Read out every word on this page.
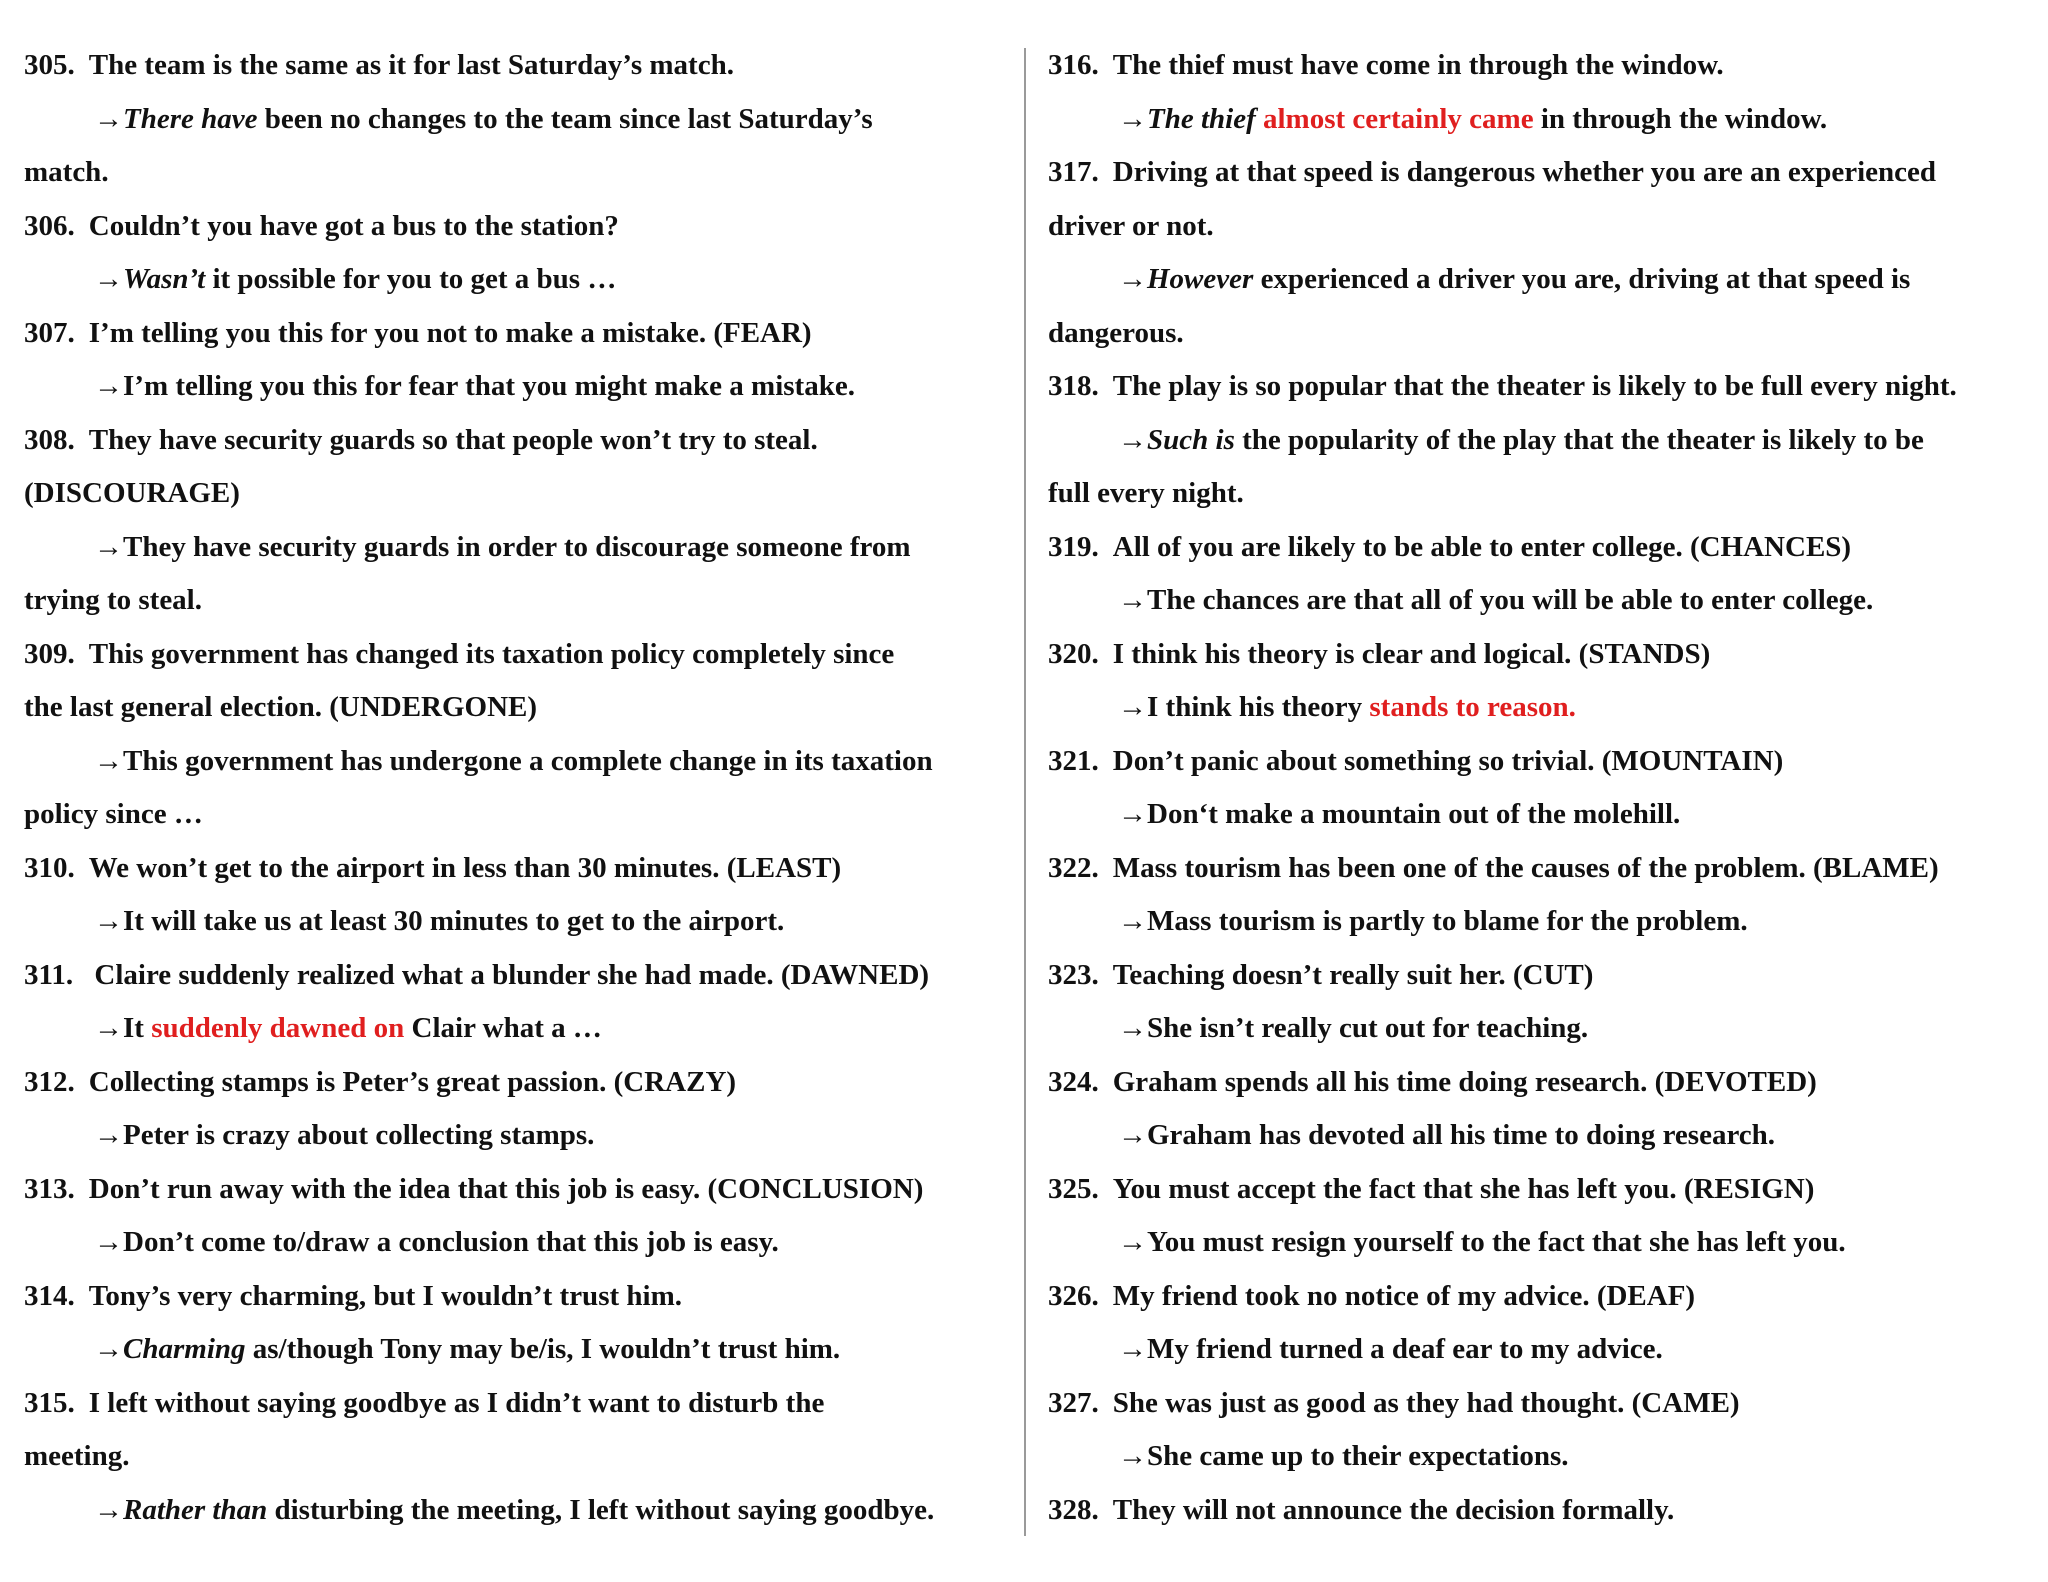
305. The team is the same as it for last Saturday’s match.
→There have been no changes to the team since last Saturday’s
match.
306. Couldn’t you have got a bus to the station?
→Wasn’t it possible for you to get a bus …
307. I’m telling you this for you not to make a mistake. (FEAR)
→I’m telling you this for fear that you might make a mistake.
308. They have security guards so that people won’t try to steal.
(DISCOURAGE)
→They have security guards in order to discourage someone from
trying to steal.
309. This government has changed its taxation policy completely since
the last general election. (UNDERGONE)
→This government has undergone a complete change in its taxation
policy since …
310. We won’t get to the airport in less than 30 minutes. (LEAST)
→It will take us at least 30 minutes to get to the airport.
311. Claire suddenly realized what a blunder she had made. (DAWNED)
→It suddenly dawned on Clair what a …
312. Collecting stamps is Peter’s great passion. (CRAZY)
→Peter is crazy about collecting stamps.
313. Don’t run away with the idea that this job is easy. (CONCLUSION)
→Don’t come to/draw a conclusion that this job is easy.
314. Tony’s very charming, but I wouldn’t trust him.
→Charming as/though Tony may be/is, I wouldn’t trust him.
315. I left without saying goodbye as I didn’t want to disturb the
meeting.
→Rather than disturbing the meeting, I left without saying goodbye.
316. The thief must have come in through the window.
→The thief almost certainly came in through the window.
317. Driving at that speed is dangerous whether you are an experienced
driver or not.
→However experienced a driver you are, driving at that speed is
dangerous.
318. The play is so popular that the theater is likely to be full every night.
→Such is the popularity of the play that the theater is likely to be
full every night.
319. All of you are likely to be able to enter college. (CHANCES)
→The chances are that all of you will be able to enter college.
320. I think his theory is clear and logical. (STANDS)
→I think his theory stands to reason.
321. Don’t panic about something so trivial. (MOUNTAIN)
→Don‘t make a mountain out of the molehill.
322. Mass tourism has been one of the causes of the problem. (BLAME)
→Mass tourism is partly to blame for the problem.
323. Teaching doesn’t really suit her. (CUT)
→She isn’t really cut out for teaching.
324. Graham spends all his time doing research. (DEVOTED)
→Graham has devoted all his time to doing research.
325. You must accept the fact that she has left you. (RESIGN)
→You must resign yourself to the fact that she has left you.
326. My friend took no notice of my advice. (DEAF)
→My friend turned a deaf ear to my advice.
327. She was just as good as they had thought. (CAME)
→She came up to their expectations.
328. They will not announce the decision formally.
